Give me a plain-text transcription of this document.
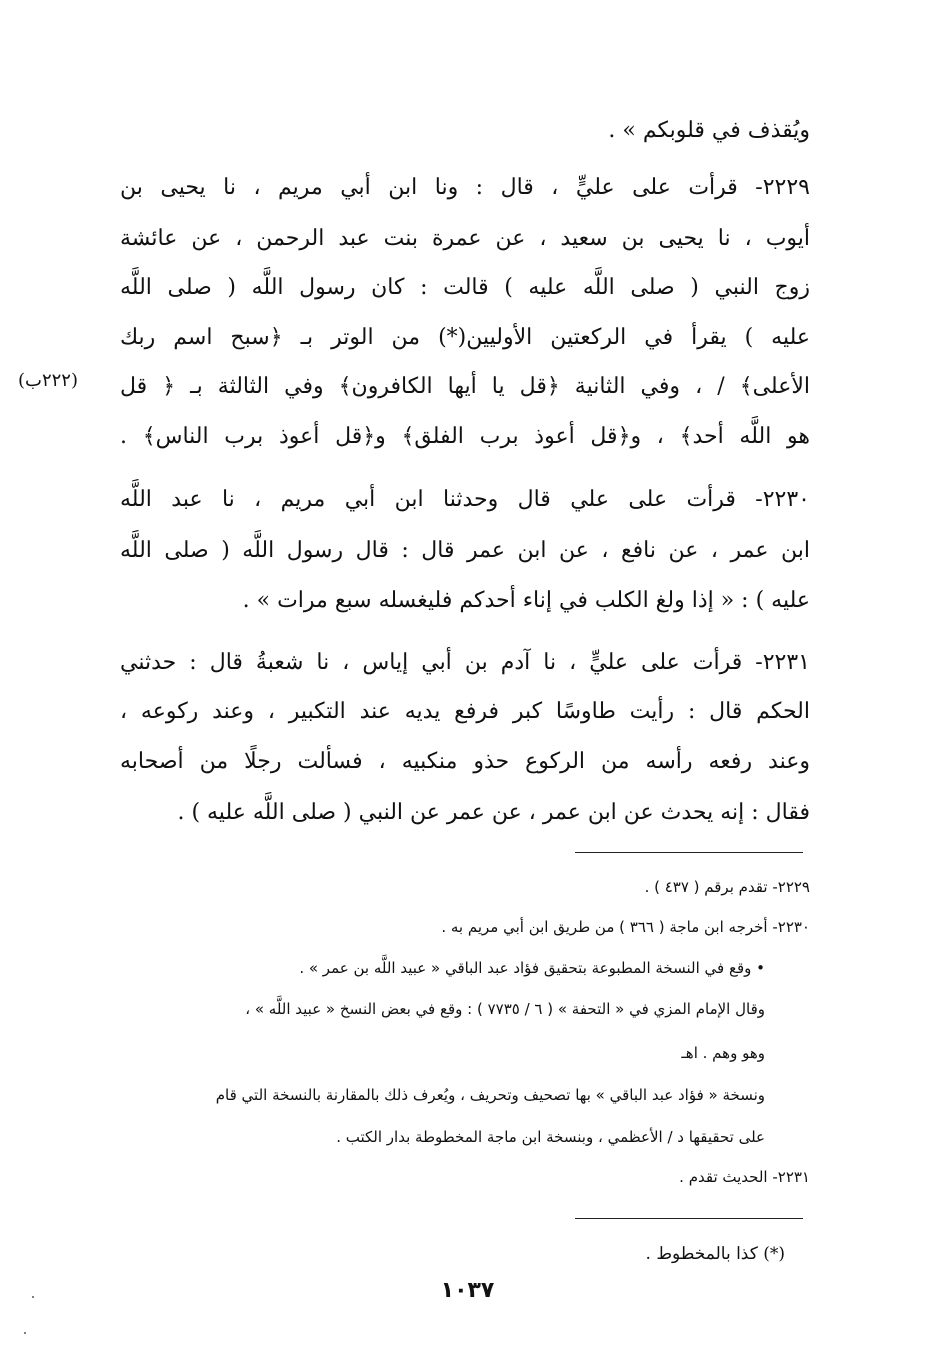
ويُقذف في قلوبكم » .
٢٢٢٩- قرأت على عليٍّ ، قال : ونا ابن أبي مريم ، نا يحيى بن
أيوب ، نا يحيى بن سعيد ، عن عمرة بنت عبد الرحمن ، عن عائشة
زوج النبي ( صلى اللَّه عليه ) قالت : كان رسول اللَّه ( صلى اللَّه
عليه ) يقرأ في الركعتين الأوليين(*) من الوتر بـ ﴿سبح اسم ربك
الأعلى﴾ / ، وفي الثانية ﴿قل يا أيها الكافرون﴾ وفي الثالثة بـ ﴿ قل
هو اللَّه أحد﴾ ، و﴿قل أعوذ برب الفلق﴾ و﴿قل أعوذ برب الناس﴾ .
٢٢٣٠- قرأت على علي قال وحدثنا ابن أبي مريم ، نا عبد اللَّه
ابن عمر ، عن نافع ، عن ابن عمر قال : قال رسول اللَّه ( صلى اللَّه
عليه ) : « إذا ولغ الكلب في إناء أحدكم فليغسله سبع مرات » .
٢٢٣١- قرأت على عليٍّ ، نا آدم بن أبي إياس ، نا شعبةُ قال : حدثني
الحكم قال : رأيت طاوسًا كبر فرفع يديه عند التكبير ، وعند ركوعه ،
وعند رفعه رأسه من الركوع حذو منكبيه ، فسألت رجلًا من أصحابه
فقال : إنه يحدث عن ابن عمر ، عن عمر عن النبي ( صلى اللَّه عليه ) .
(٢٢٢ب)
٢٢٢٩- تقدم برقم ( ٤٣٧ ) .
٢٢٣٠- أخرجه ابن ماجة ( ٣٦٦ ) من طريق ابن أبي مريم به .
• وقع في النسخة المطبوعة بتحقيق فؤاد عبد الباقي « عبيد اللَّه بن عمر » .
وقال الإمام المزي في « التحفة » ( ٦ / ٧٧٣٥ ) : وقع في بعض النسخ « عبيد اللَّه » ،
وهو وهم . اهـ
ونسخة « فؤاد عبد الباقي » بها تصحيف وتحريف ، ويُعرف ذلك بالمقارنة بالنسخة التي قام
على تحقيقها د / الأعظمي ، وبنسخة ابن ماجة المخطوطة بدار الكتب .
٢٢٣١- الحديث تقدم .
(*) كذا بالمخطوط .
١٠٣٧
